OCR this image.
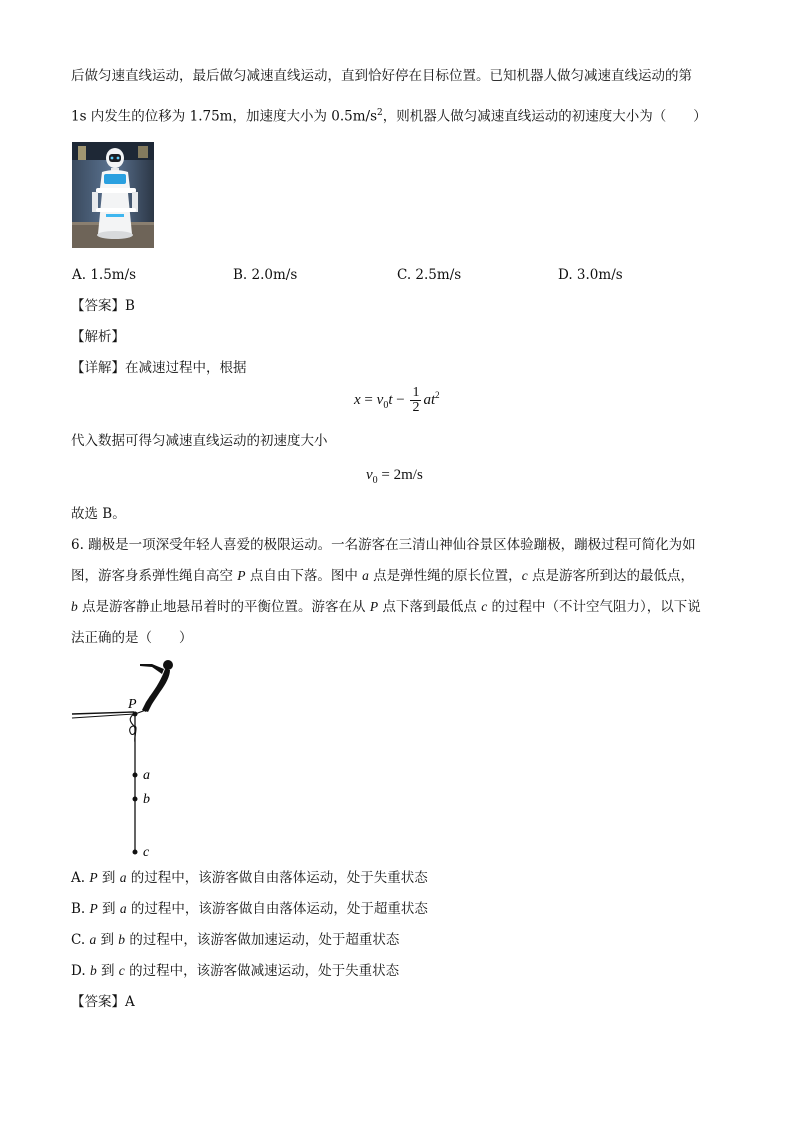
后做匀速直线运动，最后做匀减速直线运动，直到恰好停在目标位置。已知机器人做匀减速直线运动的第
1s 内发生的位移为 1.75m，加速度大小为 $0.5m/s^2$，则机器人做匀减速直线运动的初速度大小为（　　）
A. 1.5m/s	B. 2.0m/s	C. 2.5m/s	D. 3.0m/s
【答案】B
【解析】
【详解】在减速过程中，根据
$x = v_0t - \frac{1}{2} at^2$
代入数据可得匀减速直线运动的初速度大小
$v_0 = 2m/s$
故选 B。
6. 蹦极是一项深受年轻人喜爱的极限运动。一名游客在三清山神仙谷景区体验蹦极，蹦极过程可简化为如
图，游客身系弹性绳自高空 P 点自由下落。图中 a 点是弹性绳的原长位置，c 点是游客所到达的最低点，
b 点是游客静止地悬吊着时的平衡位置。游客在从 P 点下落到最低点 c 的过程中（不计空气阻力），以下说
法正确的是（　　）
P
a
b
c
A. P 到 a 的过程中，该游客做自由落体运动，处于失重状态
B. P 到 a 的过程中，该游客做自由落体运动，处于超重状态
C. a 到 b 的过程中，该游客做加速运动，处于超重状态
D. b 到 c 的过程中，该游客做减速运动，处于失重状态
【答案】A
